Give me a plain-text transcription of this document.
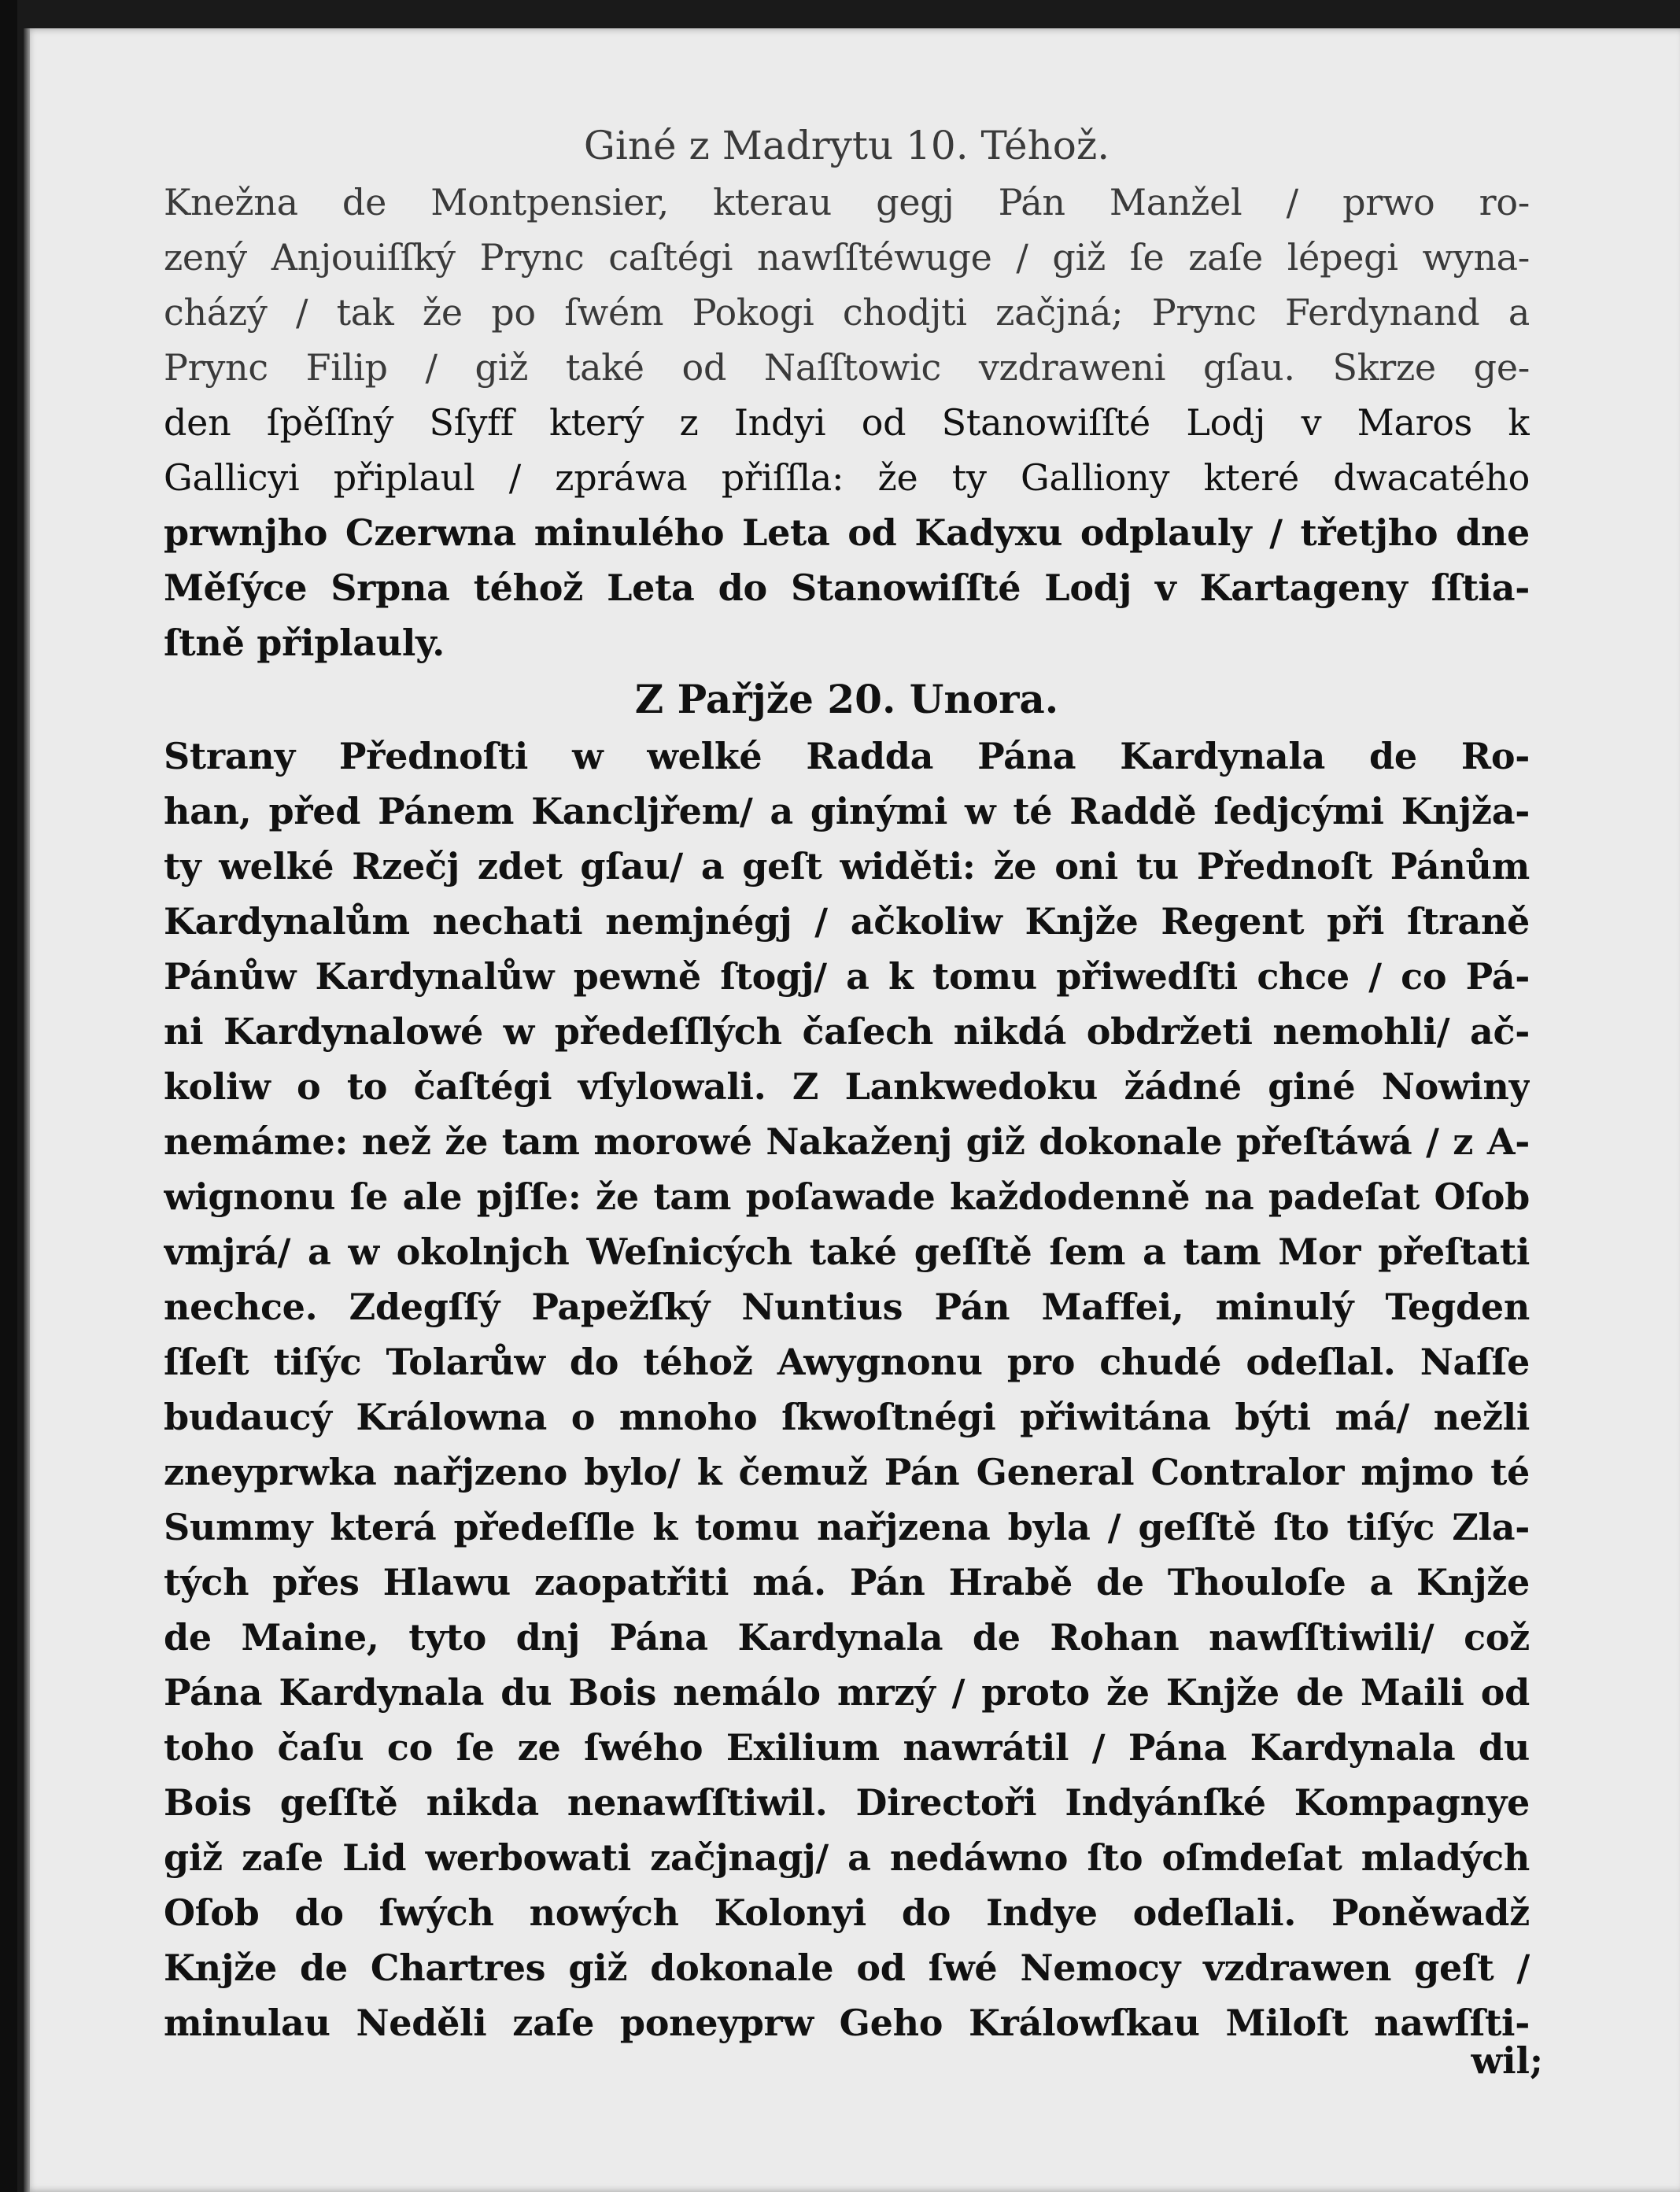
Giné z Madrytu 10. Téhož.
Knežna de Montpensier, kterau gegj Pán Manžel / prwo ro-
zený Anjouiſſký Prync caſtégi nawſſtéwuge / giž ſe zaſe lépegi wyna-
cházý / tak že po ſwém Pokogi chodjti začjná; Prync Ferdynand a
Prync Filip / giž také od Naſſtowic vzdraweni gſau. Skrze ge-
den ſpěſſný Sſyff který z Indyi od Stanowiſſté Lodj v Maros k
Gallicyi připlaul / zpráwa přiſſla: že ty Galliony které dwacatého
prwnjho Czerwna minulého Leta od Kadyxu odplauly / třetjho dne
Měſýce Srpna téhož Leta do Stanowiſſté Lodj v Kartageny ſſtia-
ſtně připlauly.
Z Pařjže 20. Unora.
Strany Přednoſti w welké Radda Pána Kardynala de Ro-
han, před Pánem Kancljřem/ a ginými w té Raddě ſedjcými Knjža-
ty welké Rzečj zdet gſau/ a geſt widěti: že oni tu Přednoſt Pánům
Kardynalům nechati nemjnégj / ačkoliw Knjže Regent při ſtraně
Pánůw Kardynalůw pewně ſtogj/ a k tomu přiwedſti chce / co Pá-
ni Kardynalowé w předeſſlých čaſech nikdá obdržeti nemohli/ ač-
koliw o to čaſtégi vſylowali. Z Lankwedoku žádné giné Nowiny
nemáme: než že tam morowé Nakaženj giž dokonale přeſtáwá / z A-
wignonu ſe ale pjſſe: že tam poſawade každodenně na padeſat Oſob
vmjrá/ a w okolnjch Weſnicých také geſſtě ſem a tam Mor přeſtati
nechce. Zdegſſý Papežſký Nuntius Pán Maffei, minulý Tegden
ſſeſt tiſýc Tolarůw do téhož Awygnonu pro chudé odeſlal. Naſſe
budaucý Králowna o mnoho ſkwoſtnégi přiwitána býti má/ nežli
zneyprwka nařjzeno bylo/ k čemuž Pán General Contralor mjmo té
Summy která předeſſle k tomu nařjzena byla / geſſtě ſto tiſýc Zla-
tých přes Hlawu zaopatřiti má. Pán Hrabě de Thouloſe a Knjže
de Maine, tyto dnj Pána Kardynala de Rohan nawſſtiwili/ což
Pána Kardynala du Bois nemálo mrzý / proto že Knjže de Maili od
toho čaſu co ſe ze ſwého Exilium nawrátil / Pána Kardynala du
Bois geſſtě nikda nenawſſtiwil. Directoři Indyánſké Kompagnye
giž zaſe Lid werbowati začjnagj/ a nedáwno ſto oſmdeſat mladých
Oſob do ſwých nowých Kolonyi do Indye odeſlali. Poněwadž
Knjže de Chartres giž dokonale od ſwé Nemocy vzdrawen geſt /
minulau Neděli zaſe poneyprw Geho Králowſkau Miloſt nawſſti-
wil;
